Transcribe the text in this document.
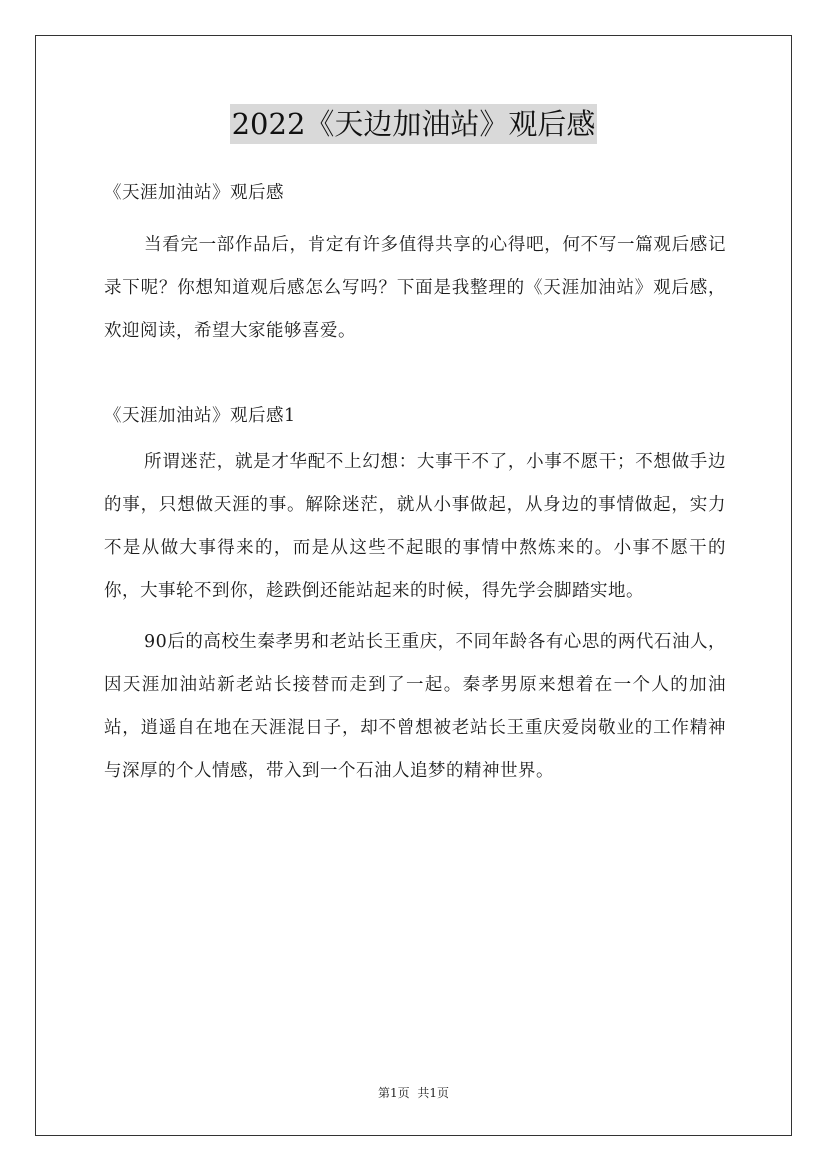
2022《天边加油站》观后感

《天涯加油站》观后感

当看完一部作品后，肯定有许多值得共享的心得吧，何不写一篇观后感记录下呢？你想知道观后感怎么写吗？下面是我整理的《天涯加油站》观后感，欢迎阅读，希望大家能够喜爱。

《天涯加油站》观后感1

所谓迷茫，就是才华配不上幻想：大事干不了，小事不愿干；不想做手边的事，只想做天涯的事。解除迷茫，就从小事做起，从身边的事情做起，实力不是从做大事得来的，而是从这些不起眼的事情中熬炼来的。小事不愿干的你，大事轮不到你，趁跌倒还能站起来的时候，得先学会脚踏实地。

90后的高校生秦孝男和老站长王重庆，不同年龄各有心思的两代石油人，因天涯加油站新老站长接替而走到了一起。秦孝男原来想着在一个人的加油站，逍遥自在地在天涯混日子，却不曾想被老站长王重庆爱岗敬业的工作精神与深厚的个人情感，带入到一个石油人追梦的精神世界。

第1页 共1页
